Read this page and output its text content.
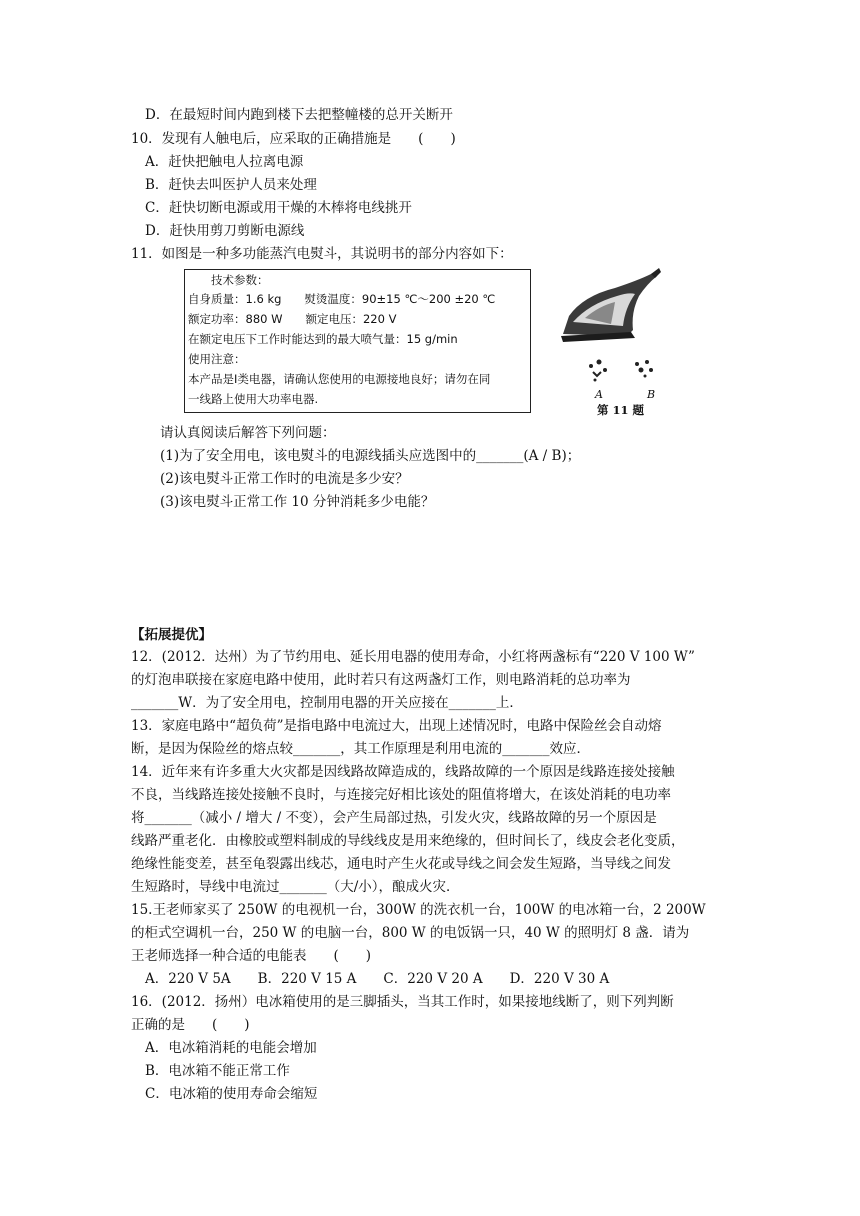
D．在最短时间内跑到楼下去把整幢楼的总开关断开
10．发现有人触电后，应采取的正确措施是　　(　　)
A．赶快把触电人拉离电源
B．赶快去叫医护人员来处理
C．赶快切断电源或用干燥的木棒将电线挑开
D．赶快用剪刀剪断电源线
11．如图是一种多功能蒸汽电熨斗，其说明书的部分内容如下：
　　技术参数：
自身质量：1.6 kg　　熨烫温度：90±15 ℃～200 ±20 ℃
额定功率：880 W　　额定电压：220 V
在额定电压下工作时能达到的最大喷气量：15 g/min
使用注意：
本产品是Ⅰ类电器，请确认您使用的电源接地良好；请勿在同
一线路上使用大功率电器.	A	B
第 11 题
请认真阅读后解答下列问题：
(1)为了安全用电，该电熨斗的电源线插头应选图中的_______(A / B)；
(2)该电熨斗正常工作时的电流是多少安？
(3)该电熨斗正常工作 10 分钟消耗多少电能？
【拓展提优】
12．(2012．达州）为了节约用电、延长用电器的使用寿命，小红将两盏标有“220 V 100 W”
的灯泡串联接在家庭电路中使用，此时若只有这两盏灯工作，则电路消耗的总功率为
_______W．为了安全用电，控制用电器的开关应接在_______上．
13．家庭电路中“超负荷”是指电路中电流过大，出现上述情况时，电路中保险丝会自动熔
断，是因为保险丝的熔点较_______，其工作原理是利用电流的_______效应．
14．近年来有许多重大火灾都是因线路故障造成的，线路故障的一个原因是线路连接处接触
不良，当线路连接处接触不良时，与连接完好相比该处的阻值将增大，在该处消耗的电功率
将_______（减小 / 增大 / 不变），会产生局部过热，引发火灾，线路故障的另一个原因是
线路严重老化．由橡胶或塑料制成的导线线皮是用来绝缘的，但时间长了，线皮会老化变质，
绝缘性能变差，甚至龟裂露出线芯，通电时产生火花或导线之间会发生短路，当导线之间发
生短路时，导线中电流过_______（大/小），酿成火灾．
15.王老师家买了 250W 的电视机一台，300W 的洗衣机一台，100W 的电冰箱一台，2 200W
的柜式空调机一台，250 W 的电脑一台，800 W 的电饭锅一只，40 W 的照明灯 8 盏．请为
王老师选择一种合适的电能表　　(　　)
A．220 V 5A　　B．220 V 15 A　　C．220 V 20 A　　D．220 V 30 A
16．(2012．扬州）电冰箱使用的是三脚插头，当其工作时，如果接地线断了，则下列判断
正确的是　　(　　)
A．电冰箱消耗的电能会增加
B．电冰箱不能正常工作
C．电冰箱的使用寿命会缩短
